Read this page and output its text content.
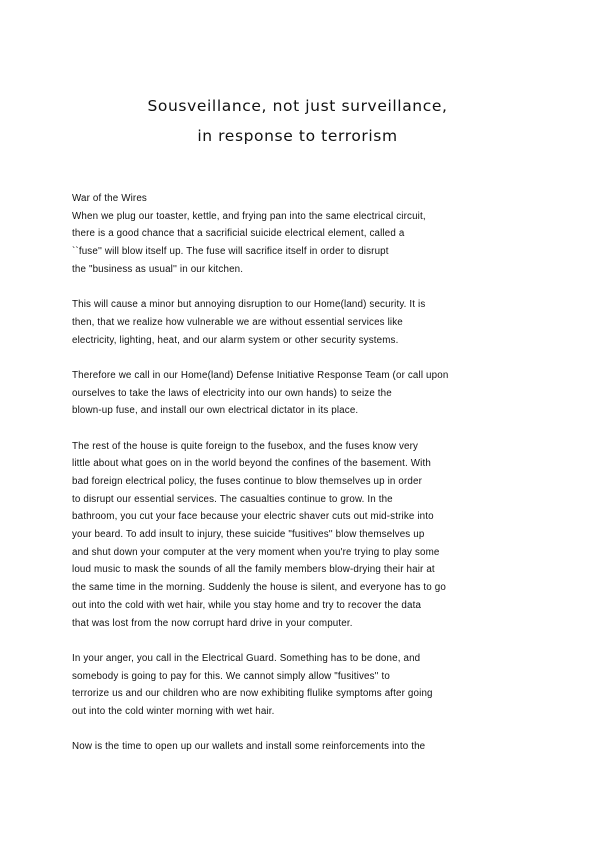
Sousveillance, not just surveillance,
in response to terrorism
War of the Wires
When we plug our toaster, kettle, and frying pan into the same electrical circuit,
there is a good chance that a sacrificial suicide electrical element, called a
``fuse'' will blow itself up. The fuse will sacrifice itself in order to disrupt
the "business as usual'' in our kitchen.
This will cause a minor but annoying disruption to our Home(land) security. It is
then, that we realize how vulnerable we are without essential services like
electricity, lighting, heat, and our alarm system or other security systems.
Therefore we call in our Home(land) Defense Initiative Response Team (or call upon
ourselves to take the laws of electricity into our own hands) to seize the
blown-up fuse, and install our own electrical dictator in its place.
The rest of the house is quite foreign to the fusebox, and the fuses know very
little about what goes on in the world beyond the confines of the basement. With
bad foreign electrical policy, the fuses continue to blow themselves up in order
to disrupt our essential services. The casualties continue to grow. In the
bathroom, you cut your face because your electric shaver cuts out mid-strike into
your beard. To add insult to injury, these suicide "fusitives'' blow themselves up
and shut down your computer at the very moment when you're trying to play some
loud music to mask the sounds of all the family members blow-drying their hair at
the same time in the morning. Suddenly the house is silent, and everyone has to go
out into the cold with wet hair, while you stay home and try to recover the data
that was lost from the now corrupt hard drive in your computer.
In your anger, you call in the Electrical Guard. Something has to be done, and
somebody is going to pay for this. We cannot simply allow "fusitives'' to
terrorize us and our children who are now exhibiting flulike symptoms after going
out into the cold winter morning with wet hair.
Now is the time to open up our wallets and install some reinforcements into the
